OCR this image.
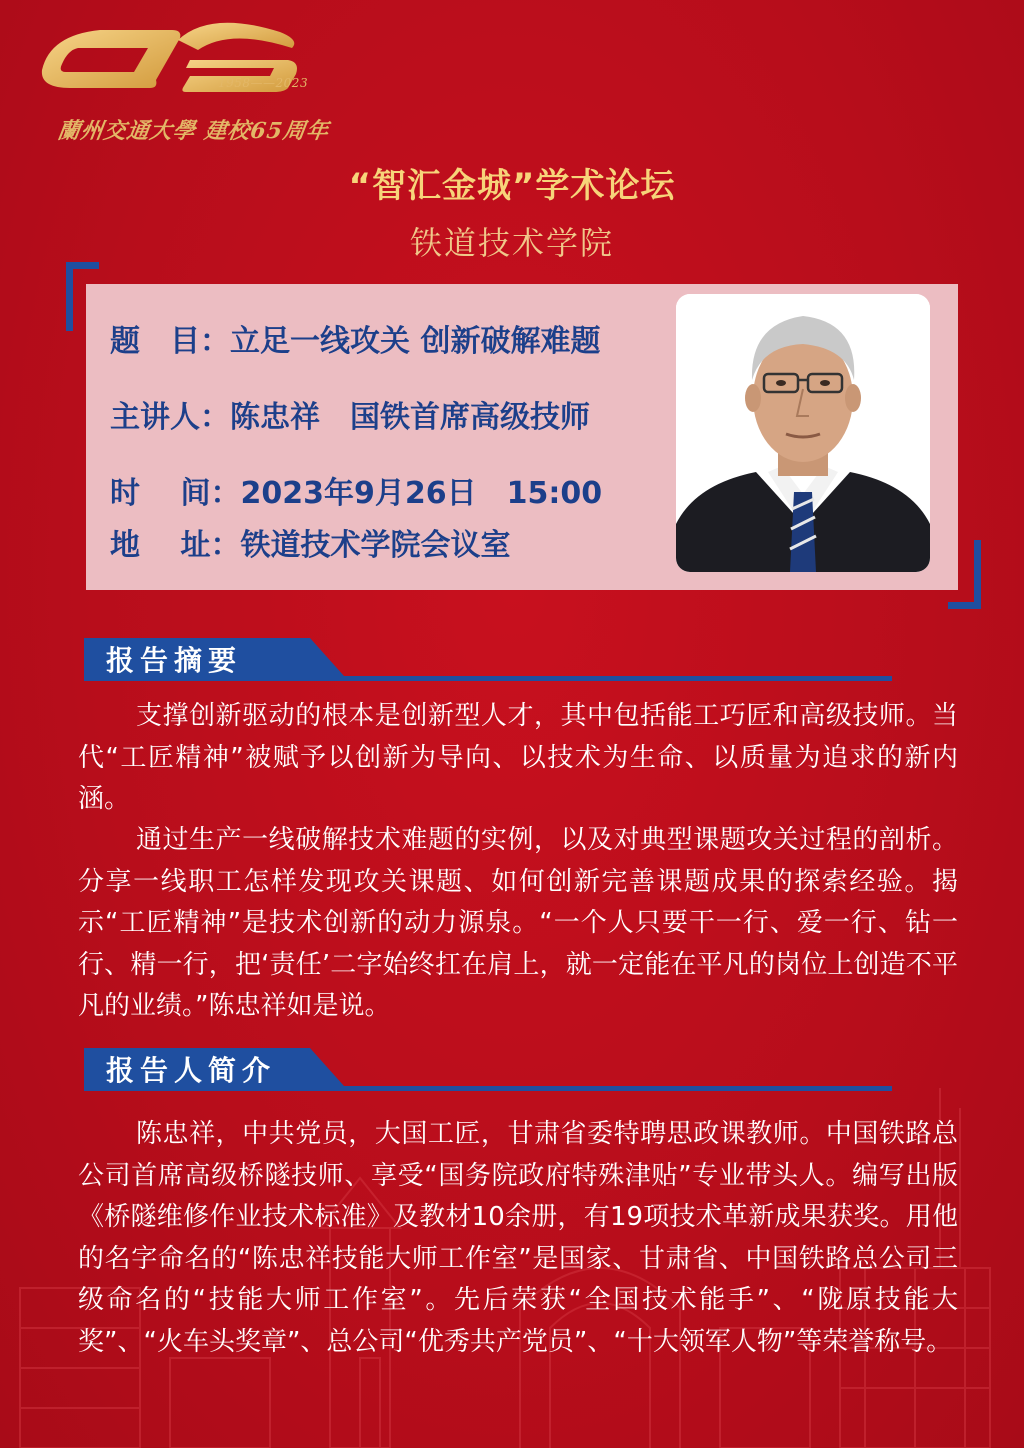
1958——2023
蘭州交通大學 建校65周年
“智汇金城”学术论坛
铁道技术学院
题　目：立足一线攻关 创新破解难题
主讲人：陈忠祥　国铁首席高级技师
时　 间：2023年9月26日　15:00
地　 址：铁道技术学院会议室
报告摘要

支撑创新驱动的根本是创新型人才，其中包括能工巧匠和高级技师。当代“工匠精神”被赋予以创新为导向、以技术为生命、以质量为追求的新内涵。

通过生产一线破解技术难题的实例，以及对典型课题攻关过程的剖析。分享一线职工怎样发现攻关课题、如何创新完善课题成果的探索经验。揭示“工匠精神”是技术创新的动力源泉。“一个人只要干一行、爱一行、钻一行、精一行，把‘责任’二字始终扛在肩上，就一定能在平凡的岗位上创造不平凡的业绩。”陈忠祥如是说。

报告人简介

陈忠祥，中共党员，大国工匠，甘肃省委特聘思政课教师。中国铁路总公司首席高级桥隧技师、享受“国务院政府特殊津贴”专业带头人。编写出版《桥隧维修作业技术标准》及教材10余册，有19项技术革新成果获奖。用他的名字命名的“陈忠祥技能大师工作室”是国家、甘肃省、中国铁路总公司三级命名的“技能大师工作室”。先后荣获“全国技术能手”、“陇原技能大奖”、“火车头奖章”、总公司“优秀共产党员”、“十大领军人物”等荣誉称号。
